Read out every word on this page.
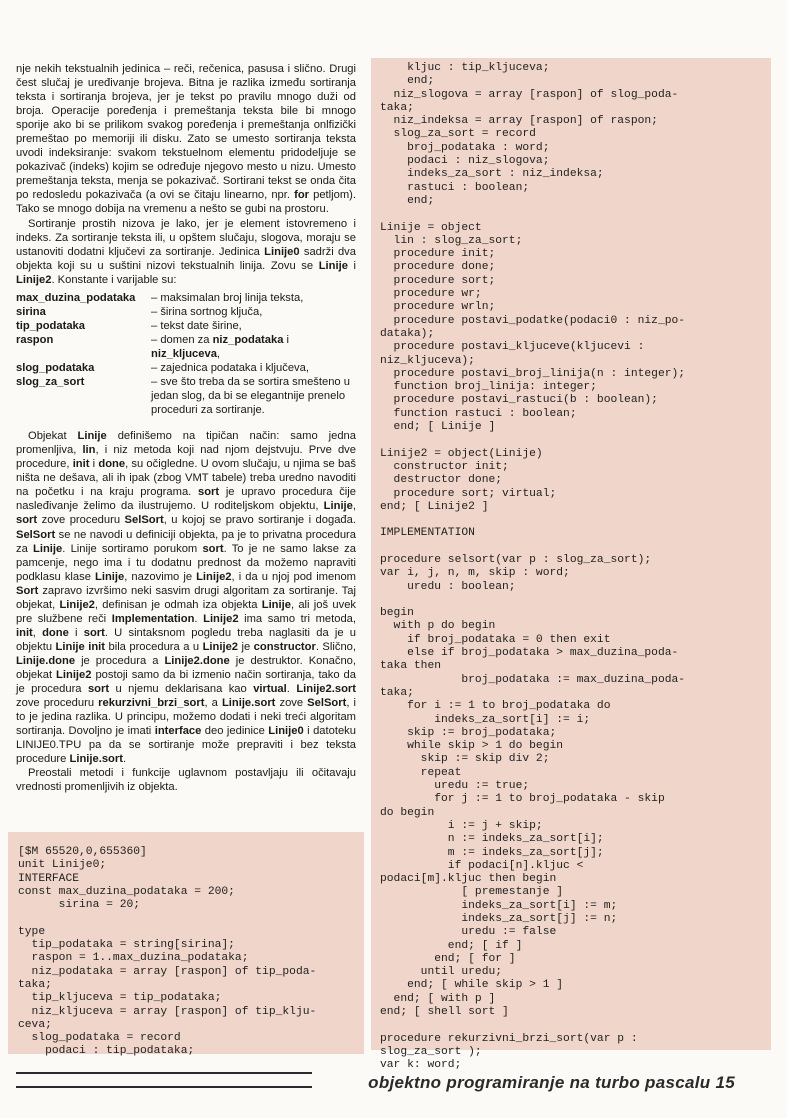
nje nekih tekstualnih jedinica – reči, rečenica, pasusa i slično. Drugi čest slučaj je uređivanje brojeva. Bitna je razlika između sortiranja teksta i sortiranja brojeva, jer je tekst po pravilu mnogo duži od broja. Operacije poređenja i premeštanja teksta bile bi mnogo sporije ako bi se prilikom svakog poređenja i premeštanja onlfizički premeštao po memoriji ili disku. Zato se umesto sortiranja teksta uvodi indeksiranje: svakom tekstuelnom elementu pridodeljuje se pokazivač (indeks) kojim se određuje njegovo mesto u nizu. Umesto premeštanja teksta, menja se pokazivač. Sortirani tekst se onda čita po redosledu pokazivača (a ovi se čitaju linearno, npr. for petljom). Tako se mnogo dobija na vremenu a nešto se gubi na prostoru.

Sortiranje prostih nizova je lako, jer je element istovremeno i indeks. Za sortiranje teksta ili, u opštem slučaju, slogova, moraju se ustanoviti dodatni ključevi za sortiranje. Jedinica Linije0 sadrži dva objekta koji su u suštini nizovi tekstualnih linija. Zovu se Linije i Linije2. Konstante i varijable su:

max_duzina_podataka	– maksimalan broj linija teksta,
sirina	– širina sortnog ključa,
tip_podataka	– tekst date širine,
raspon	– domen za niz_podataka i niz_kljuceva,
slog_podataka	– zajednica podataka i ključeva,
slog_za_sort	– sve što treba da se sortira smešteno u jedan slog, da bi se elegantnije prenelo proceduri za sortiranje.

Objekat Linije definišemo na tipičan način: samo jedna promenljiva, lin, i niz metoda koji nad njom dejstvuju. Prve dve procedure, init i done, su očigledne. U ovom slučaju, u njima se baš ništa ne dešava, ali ih ipak (zbog VMT tabele) treba uredno navoditi na početku i na kraju programa. sort je upravo procedura čije nasleđivanje želimo da ilustrujemo. U roditeljskom objektu, Linije, sort zove proceduru SelSort, u kojoj se pravo sortiranje i događa. SelSort se ne navodi u definiciji objekta, pa je to privatna procedura za Linije. Linije sortiramo porukom sort. To je ne samo lakse za pamcenje, nego ima i tu dodatnu prednost da možemo napraviti podklasu klase Linije, nazovimo je Linije2, i da u njoj pod imenom Sort zapravo izvršimo neki sasvim drugi algoritam za sortiranje. Taj objekat, Linije2, definisan je odmah iza objekta Linije, ali još uvek pre službene reči Implementation. Linije2 ima samo tri metoda, init, done i sort. U sintaksnom pogledu treba naglasiti da je u objektu Linije init bila procedura a u Linije2 je constructor. Slično, Linije.done je procedura a Linije2.done je destruktor. Konačno, objekat Linije2 postoji samo da bi izmenio način sortiranja, tako da je procedura sort u njemu deklarisana kao virtual. Linije2.sort zove proceduru rekurzivni_brzi_sort, a Linije.sort zove SelSort, i to je jedina razlika. U principu, možemo dodati i neki treći algoritam sortiranja. Dovoljno je imati interface deo jedinice Linije0 i datoteku LINIJE0.TPU pa da se sortiranje može prepraviti i bez teksta procedure Linije.sort.

Preostali metodi i funkcije uglavnom postavljaju ili očitavaju vrednosti promenljivih iz objekta.

kljuc : tip_kljuceva;
end;
niz_slogova = array [raspon] of slog_poda-
taka;
niz_indeksa = array [raspon] of raspon;
slog_za_sort = record
broj_podataka : word;
podaci : niz_slogova;
indeks_za_sort : niz_indeksa;
rastuci : boolean;
end;
Linije = object
lin : slog_za_sort;
procedure init;
procedure done;
procedure sort;
procedure wr;
procedure wrln;
procedure postavi_podatke(podaci0 : niz_po-
dataka);
procedure postavi_kljuceve(kljucevi :
niz_kljuceva);
procedure postavi_broj_linija(n : integer);
function broj_linija: integer;
procedure postavi_rastuci(b : boolean);
function rastuci : boolean;
end; [ Linije ]
Linije2 = object(Linije)
constructor init;
destructor done;
procedure sort; virtual;
end; [ Linije2 ]
IMPLEMENTATION
procedure selsort(var p : slog_za_sort);
var i, j, n, m, skip : word;
uredu : boolean;
begin
with p do begin
if broj_podataka = 0 then exit
else if broj_podataka > max_duzina_poda-
taka then
broj_podataka := max_duzina_poda-
taka;
for i := 1 to broj_podataka do
indeks_za_sort[i] := i;
skip := broj_podataka;
while skip > 1 do begin
skip := skip div 2;
repeat
uredu := true;
for j := 1 to broj_podataka - skip
do begin
i := j + skip;
n := indeks_za_sort[i];
m := indeks_za_sort[j];
if podaci[n].kljuc <
podaci[m].kljuc then begin
[ premestanje ]
indeks_za_sort[i] := m;
indeks_za_sort[j] := n;
uredu := false
end; [ if ]
end; [ for ]
until uredu;
end; [ while skip > 1 ]
end; [ with p ]
end; [ shell sort ]
procedure rekurzivni_brzi_sort(var p :
slog_za_sort );
var k: word;
[$M 65520,0,655360]
unit Linije0;
INTERFACE
const max_duzina_podataka = 200;
sirina = 20;
type
tip_podataka = string[sirina];
raspon = 1..max_duzina_podataka;
niz_podataka = array [raspon] of tip_poda-
taka;
tip_kljuceva = tip_podataka;
niz_kljuceva = array [raspon] of tip_klju-
ceva;
slog_podataka = record
podaci : tip_podataka;
objektno programiranje na turbo pascalu 15
